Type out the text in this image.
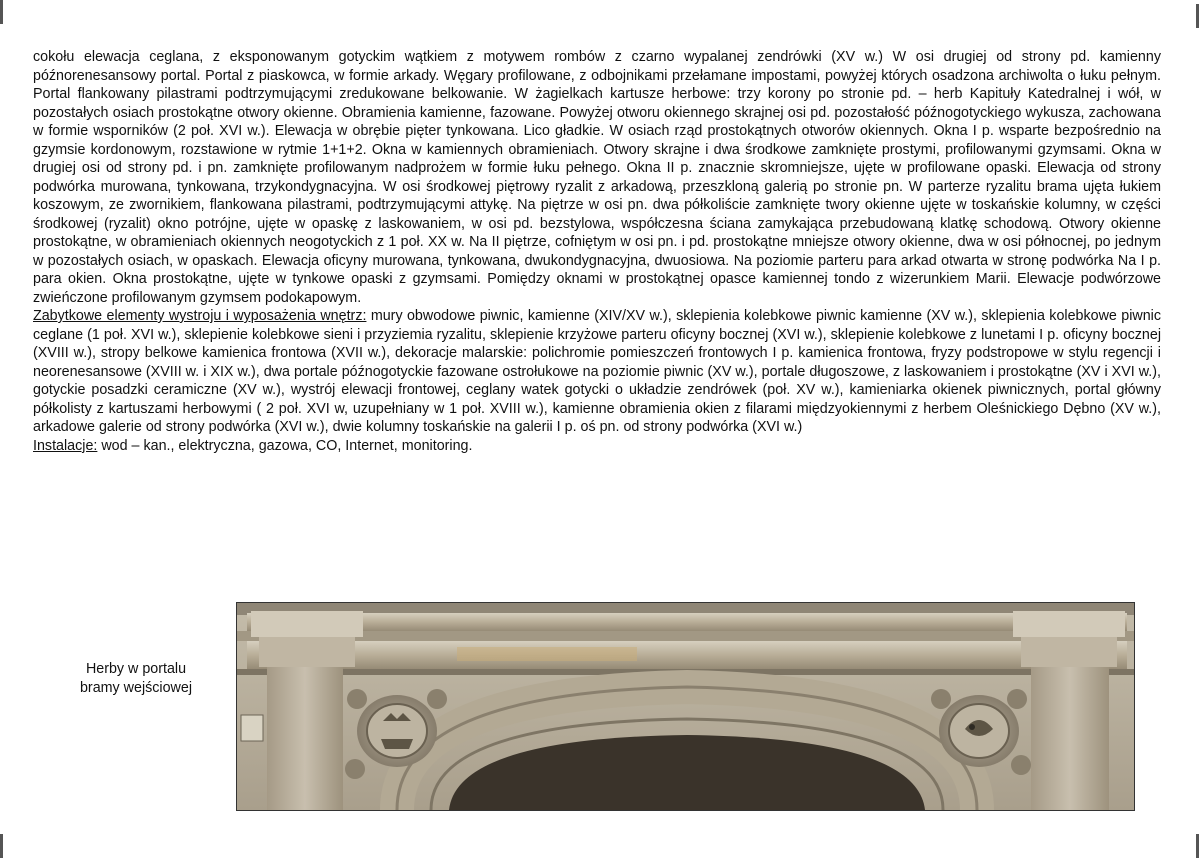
cokołu elewacja ceglana, z eksponowanym gotyckim wątkiem z motywem rombów z czarno wypalanej zendrówki (XV w.) W osi drugiej od strony pd. kamienny późnorenesansowy portal. Portal z piaskowca, w formie arkady. Węgary profilowane, z odbojnikami przełamane impostami, powyżej których osadzona archiwolta o łuku pełnym. Portal flankowany pilastrami podtrzymującymi zredukowane belkowanie. W żagielkach kartusze herbowe: trzy korony po stronie pd. – herb Kapituły Katedralnej i wół, w pozostałych osiach prostokątne otwory okienne. Obramienia kamienne, fazowane. Powyżej otworu okiennego skrajnej osi pd. pozostałość późnogotyckiego wykusza, zachowana w formie wsporników (2 poł. XVI w.). Elewacja w obrębie pięter tynkowana. Lico gładkie. W osiach rząd prostokątnych otworów okiennych. Okna I p. wsparte bezpośrednio na gzymsie kordonowym, rozstawione w rytmie 1+1+2. Okna w kamiennych obramieniach. Otwory skrajne i dwa środkowe zamknięte prostymi, profilowanymi gzymsami. Okna w drugiej osi od strony pd. i pn. zamknięte profilowanym nadprożem w formie łuku pełnego. Okna II p. znacznie skromniejsze, ujęte w profilowane opaski. Elewacja od strony podwórka murowana, tynkowana, trzykondygnacyjna. W osi środkowej piętrowy ryzalit z arkadową, przeszkloną galerią po stronie pn. W parterze ryzalitu brama ujęta łukiem koszowym, ze zwornikiem, flankowana pilastrami, podtrzymującymi attykę. Na piętrze w osi pn. dwa półkoliście zamknięte twory okienne ujęte w toskańskie kolumny, w części środkowej (ryzalit) okno potrójne, ujęte w opaskę z laskowaniem, w osi pd. bezstylowa, współczesna ściana zamykająca przebudowaną klatkę schodową. Otwory okienne prostokątne, w obramieniach okiennych neogotyckich z 1 poł. XX w. Na II piętrze, cofniętym w osi pn. i pd. prostokątne mniejsze otwory okienne, dwa w osi północnej, po jednym w pozostałych osiach, w opaskach. Elewacja oficyny murowana, tynkowana, dwukondygnacyjna, dwuosiowa. Na poziomie parteru para arkad otwarta w stronę podwórka Na I p. para okien. Okna prostokątne, ujęte w tynkowe opaski z gzymsami. Pomiędzy oknami w prostokątnej opasce kamiennej tondo z wizerunkiem Marii. Elewacje podwórzowe zwieńczone profilowanym gzymsem podokapowym.

Zabytkowe elementy wystroju i wyposażenia wnętrz: mury obwodowe piwnic, kamienne (XIV/XV w.), sklepienia kolebkowe piwnic kamienne (XV w.), sklepienia kolebkowe piwnic ceglane (1 poł. XVI w.), sklepienie kolebkowe sieni i przyziemia ryzalitu, sklepienie krzyżowe parteru oficyny bocznej (XVI w.), sklepienie kolebkowe z lunetami I p. oficyny bocznej (XVIII w.), stropy belkowe kamienica frontowa (XVII w.), dekoracje malarskie: polichromie pomieszczeń frontowych I p. kamienica frontowa, fryzy podstropowe w stylu regencji i neorenesansowe (XVIII w. i XIX w.), dwa portale późnogotyckie fazowane ostrołukowe na poziomie piwnic (XV w.), portale długoszowe, z laskowaniem i prostokątne (XV i XVI w.), gotyckie posadzki ceramiczne (XV w.), wystrój elewacji frontowej, ceglany watek gotycki o układzie zendrówek (poł. XV w.), kamieniarka okienek piwnicznych, portal główny półkolisty z kartuszami herbowymi ( 2 poł. XVI w, uzupełniany w 1 poł. XVIII w.), kamienne obramienia okien z filarami międzyokiennymi z herbem Oleśnickiego Dębno (XV w.), arkadowe galerie od strony podwórka (XVI w.), dwie kolumny toskańskie na galerii I p. oś pn. od strony podwórka (XVI w.)

Instalacje: wod – kan., elektryczna, gazowa, CO, Internet, monitoring.

Herby w portalu
bramy wejściowej
